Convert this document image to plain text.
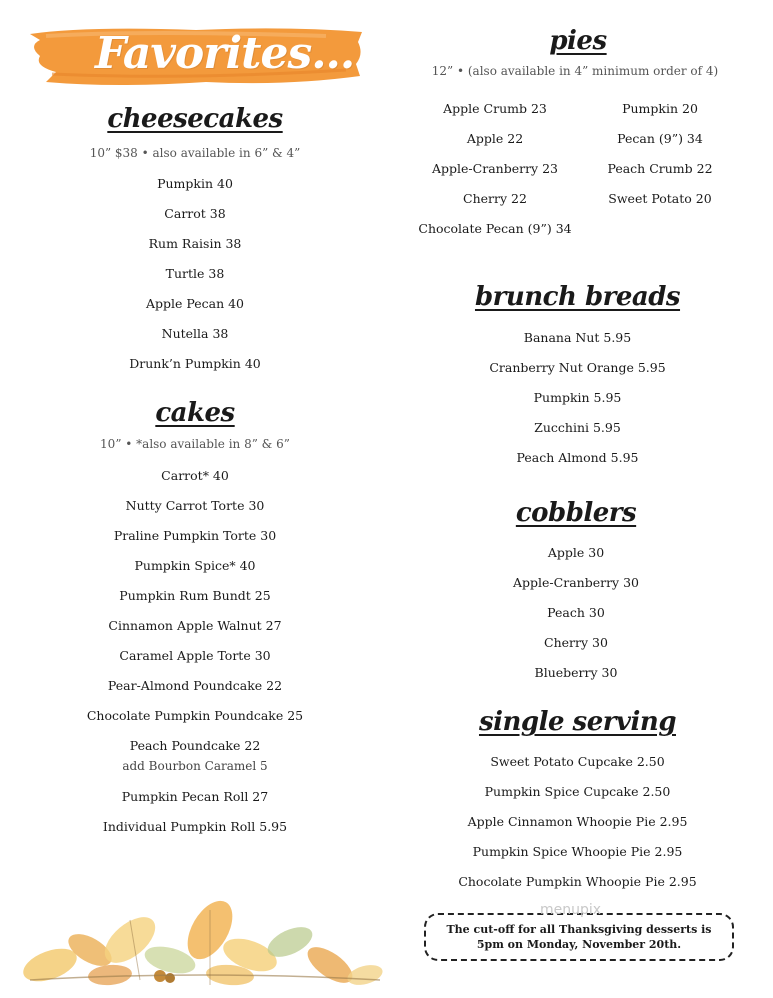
Favorites...
cheesecakes
10” $38 • also available in 6” & 4”
Pumpkin 40
Carrot 38
Rum Raisin 38
Turtle 38
Apple Pecan 40
Nutella 38
Drunk’n Pumpkin 40
cakes
10” • *also available in 8” & 6”
Carrot* 40
Nutty Carrot Torte 30
Praline Pumpkin Torte 30
Pumpkin Spice* 40
Pumpkin Rum Bundt 25
Cinnamon Apple Walnut 27
Caramel Apple Torte 30
Pear-Almond Poundcake 22
Chocolate Pumpkin Poundcake 25
Peach Poundcake 22
add Bourbon Caramel 5
Pumpkin Pecan Roll 27
Individual Pumpkin Roll 5.95
pies
12” • (also available in 4” minimum order of 4)
Apple Crumb 23
Apple 22
Apple-Cranberry 23
Cherry 22
Chocolate Pecan (9”) 34
Pumpkin 20
Pecan (9”) 34
Peach Crumb 22
Sweet Potato 20
brunch breads
Banana Nut 5.95
Cranberry Nut Orange 5.95
Pumpkin 5.95
Zucchini 5.95
Peach Almond 5.95
cobblers
Apple 30
Apple-Cranberry 30
Peach 30
Cherry 30
Blueberry 30
single serving
Sweet Potato Cupcake 2.50
Pumpkin Spice Cupcake 2.50
Apple Cinnamon Whoopie Pie 2.95
Pumpkin Spice Whoopie Pie 2.95
Chocolate Pumpkin Whoopie Pie 2.95
The cut-off for all Thanksgiving desserts is
5pm on Monday, November 20th.
menupix
